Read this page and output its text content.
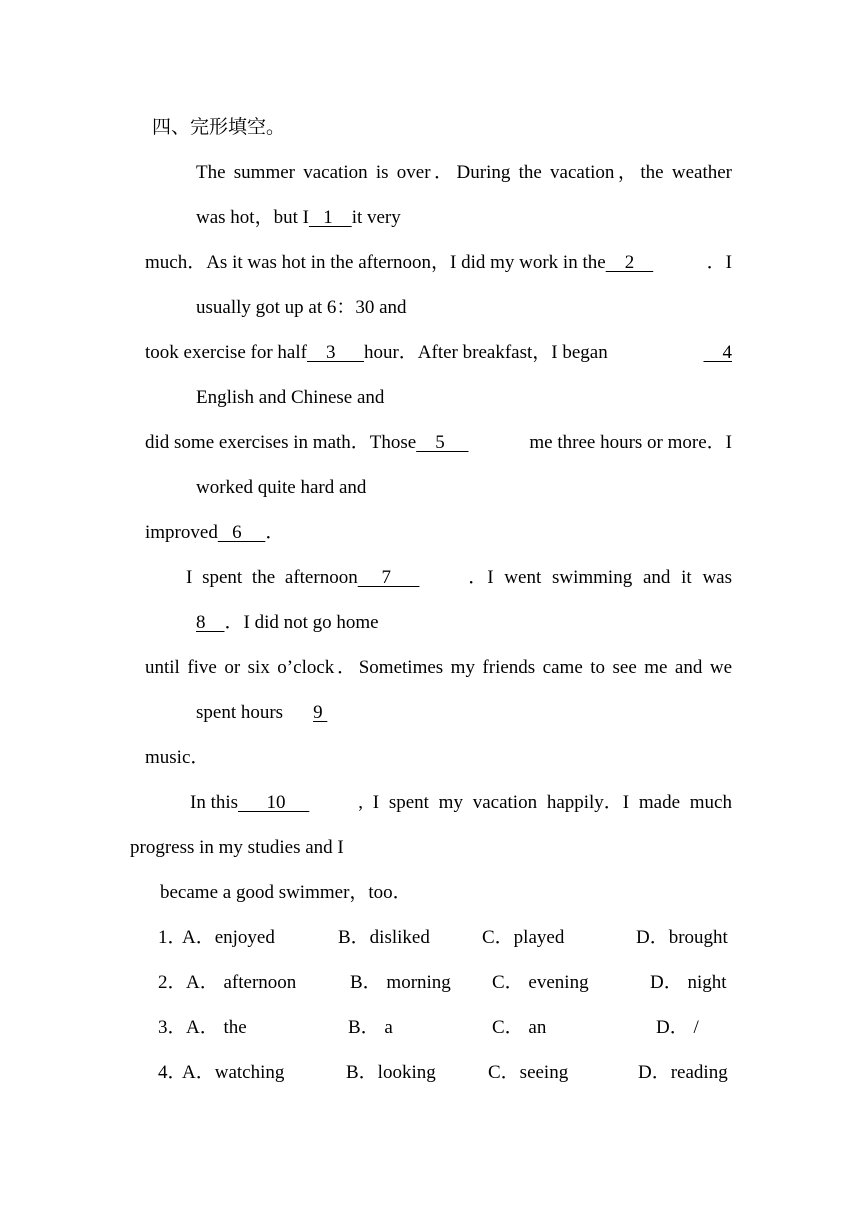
四、完形填空。
The summer vacation is over．During the vacation，the weather
was hot，but I   1    it very
much．As it was hot in the afternoon，I did my work in the    2	．I
usually got up at 6：30 and
took exercise for half    3      hour．After breakfast，I began	4
English and Chinese and
did some exercises in math．Those    5	me three hours or more．I
worked quite hard and
improved   6     ．
I spent the afternoon     7	．I went swimming and it was
8    ．I did not go home
until five or six o’clock．Sometimes my friends came to see me and we
spent hours 9
music．
In this      10	, I spent my vacation happily．I made much
progress in my studies and I
became a good swimmer，too．
1．
A．enjoyed	B．disliked	C．played	D．brought
2． A． afternoon	B． morning C． evening	D． night
3． A． the	B． a	C． an	D． /
4．
A．watching	B．looking	C．seeing	D．reading
